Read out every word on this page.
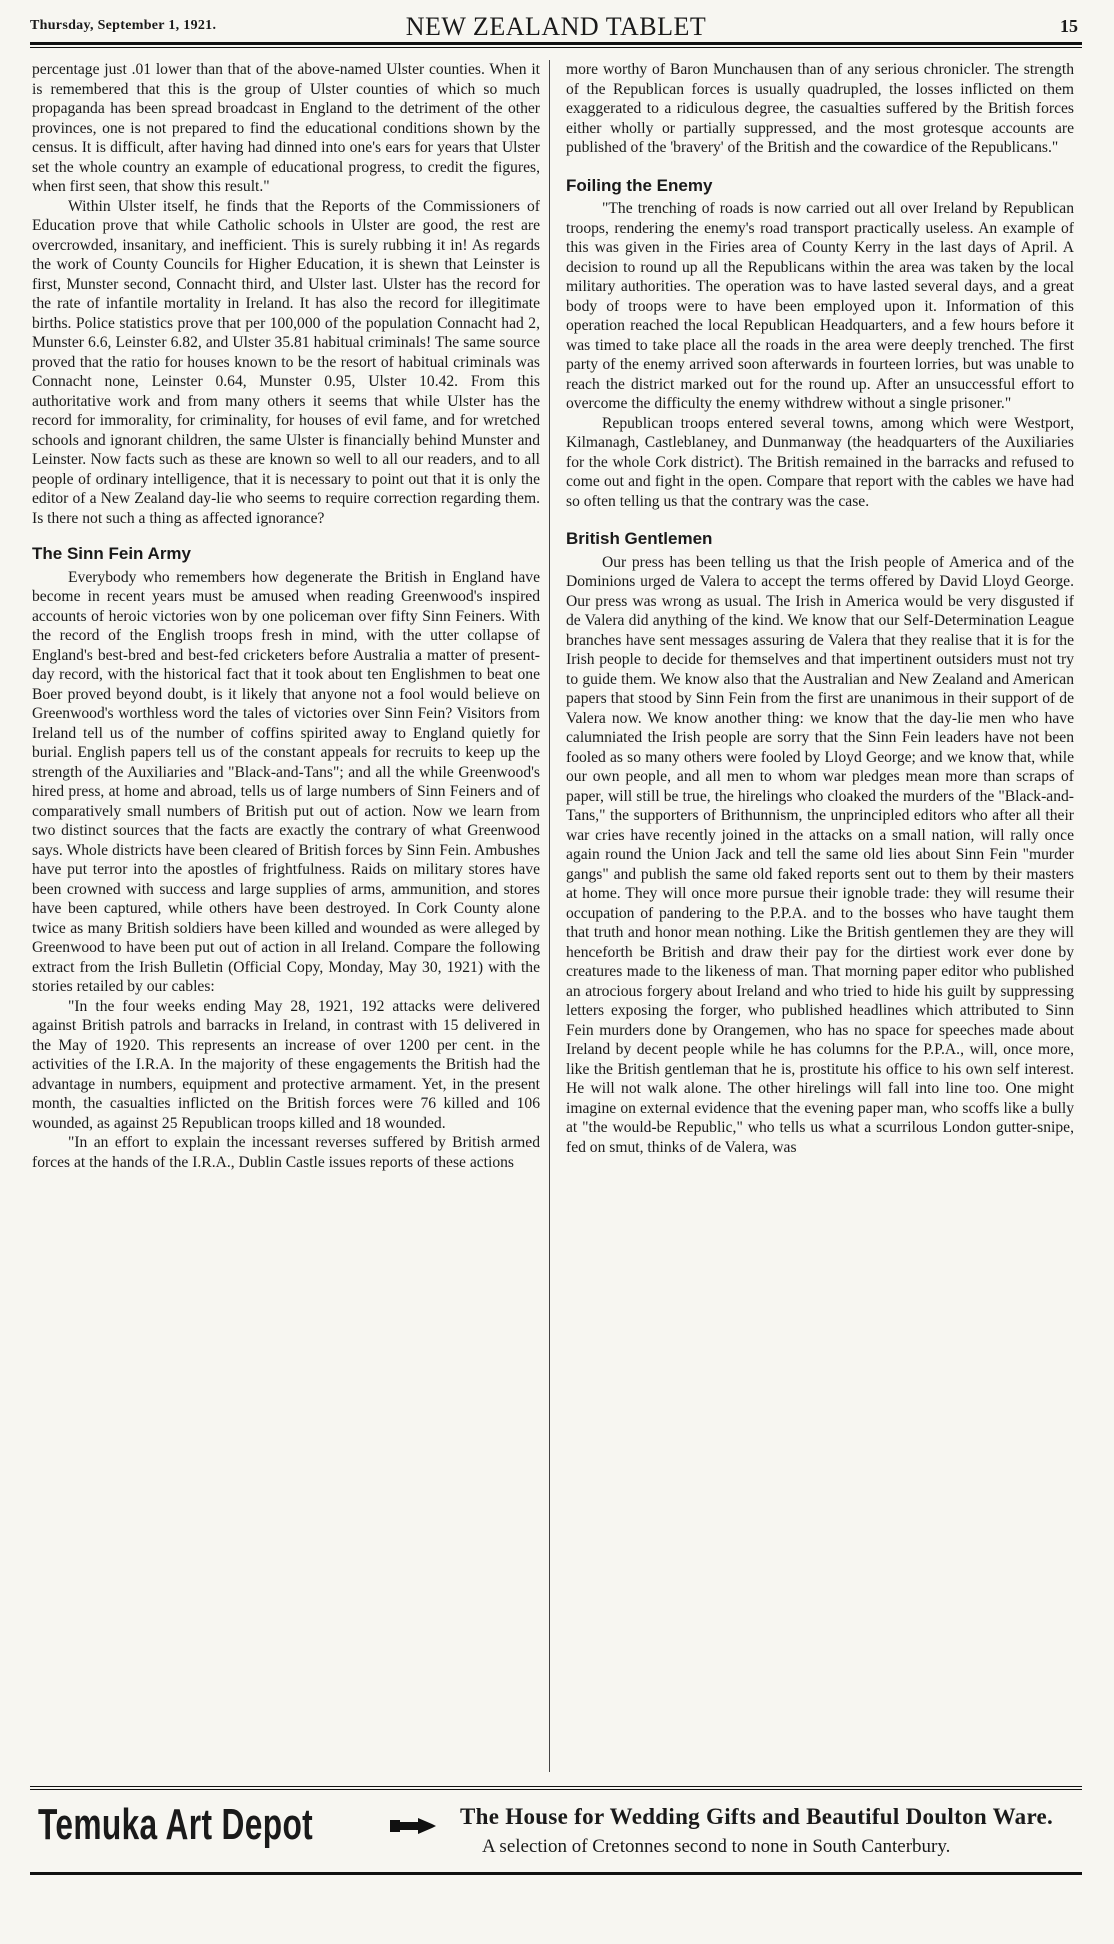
Thursday, September 1, 1921.	NEW ZEALAND TABLET	15

percentage just .01 lower than that of the above-named Ulster counties. When it is remembered that this is the group of Ulster counties of which so much propaganda has been spread broadcast in England to the detriment of the other provinces, one is not prepared to find the educational conditions shown by the census. It is difficult, after having had dinned into one's ears for years that Ulster set the whole country an example of educational progress, to credit the figures, when first seen, that show this result."

Within Ulster itself, he finds that the Reports of the Commissioners of Education prove that while Catholic schools in Ulster are good, the rest are overcrowded, insanitary, and inefficient. This is surely rubbing it in! As regards the work of County Councils for Higher Education, it is shewn that Leinster is first, Munster second, Connacht third, and Ulster last. Ulster has the record for the rate of infantile mortality in Ireland. It has also the record for illegitimate births. Police statistics prove that per 100,000 of the population Connacht had 2, Munster 6.6, Leinster 6.82, and Ulster 35.81 habitual criminals! The same source proved that the ratio for houses known to be the resort of habitual criminals was Connacht none, Leinster 0.64, Munster 0.95, Ulster 10.42. From this authoritative work and from many others it seems that while Ulster has the record for immorality, for criminality, for houses of evil fame, and for wretched schools and ignorant children, the same Ulster is financially behind Munster and Leinster. Now facts such as these are known so well to all our readers, and to all people of ordinary intelligence, that it is necessary to point out that it is only the editor of a New Zealand day-lie who seems to require correction regarding them. Is there not such a thing as affected ignorance?

The Sinn Fein Army

Everybody who remembers how degenerate the British in England have become in recent years must be amused when reading Greenwood's inspired accounts of heroic victories won by one policeman over fifty Sinn Feiners. With the record of the English troops fresh in mind, with the utter collapse of England's best-bred and best-fed cricketers before Australia a matter of present-day record, with the historical fact that it took about ten Englishmen to beat one Boer proved beyond doubt, is it likely that anyone not a fool would believe on Greenwood's worthless word the tales of victories over Sinn Fein? Visitors from Ireland tell us of the number of coffins spirited away to England quietly for burial. English papers tell us of the constant appeals for recruits to keep up the strength of the Auxiliaries and "Black-and-Tans"; and all the while Greenwood's hired press, at home and abroad, tells us of large numbers of Sinn Feiners and of comparatively small numbers of British put out of action. Now we learn from two distinct sources that the facts are exactly the contrary of what Greenwood says. Whole districts have been cleared of British forces by Sinn Fein. Ambushes have put terror into the apostles of frightfulness. Raids on military stores have been crowned with success and large supplies of arms, ammunition, and stores have been captured, while others have been destroyed. In Cork County alone twice as many British soldiers have been killed and wounded as were alleged by Greenwood to have been put out of action in all Ireland. Compare the following extract from the Irish Bulletin (Official Copy, Monday, May 30, 1921) with the stories retailed by our cables:

"In the four weeks ending May 28, 1921, 192 attacks were delivered against British patrols and barracks in Ireland, in contrast with 15 delivered in the May of 1920. This represents an increase of over 1200 per cent. in the activities of the I.R.A. In the majority of these engagements the British had the advantage in numbers, equipment and protective armament. Yet, in the present month, the casualties inflicted on the British forces were 76 killed and 106 wounded, as against 25 Republican troops killed and 18 wounded.

"In an effort to explain the incessant reverses suffered by British armed forces at the hands of the I.R.A., Dublin Castle issues reports of these actions

more worthy of Baron Munchausen than of any serious chronicler. The strength of the Republican forces is usually quadrupled, the losses inflicted on them exaggerated to a ridiculous degree, the casualties suffered by the British forces either wholly or partially suppressed, and the most grotesque accounts are published of the 'bravery' of the British and the cowardice of the Republicans."

Foiling the Enemy

"The trenching of roads is now carried out all over Ireland by Republican troops, rendering the enemy's road transport practically useless. An example of this was given in the Firies area of County Kerry in the last days of April. A decision to round up all the Republicans within the area was taken by the local military authorities. The operation was to have lasted several days, and a great body of troops were to have been employed upon it. Information of this operation reached the local Republican Headquarters, and a few hours before it was timed to take place all the roads in the area were deeply trenched. The first party of the enemy arrived soon afterwards in fourteen lorries, but was unable to reach the district marked out for the round up. After an unsuccessful effort to overcome the difficulty the enemy withdrew without a single prisoner."

Republican troops entered several towns, among which were Westport, Kilmanagh, Castleblaney, and Dunmanway (the headquarters of the Auxiliaries for the whole Cork district). The British remained in the barracks and refused to come out and fight in the open. Compare that report with the cables we have had so often telling us that the contrary was the case.

British Gentlemen

Our press has been telling us that the Irish people of America and of the Dominions urged de Valera to accept the terms offered by David Lloyd George. Our press was wrong as usual. The Irish in America would be very disgusted if de Valera did anything of the kind. We know that our Self-Determination League branches have sent messages assuring de Valera that they realise that it is for the Irish people to decide for themselves and that impertinent outsiders must not try to guide them. We know also that the Australian and New Zealand and American papers that stood by Sinn Fein from the first are unanimous in their support of de Valera now. We know another thing: we know that the day-lie men who have calumniated the Irish people are sorry that the Sinn Fein leaders have not been fooled as so many others were fooled by Lloyd George; and we know that, while our own people, and all men to whom war pledges mean more than scraps of paper, will still be true, the hirelings who cloaked the murders of the "Black-and-Tans," the supporters of Brithunnism, the unprincipled editors who after all their war cries have recently joined in the attacks on a small nation, will rally once again round the Union Jack and tell the same old lies about Sinn Fein "murder gangs" and publish the same old faked reports sent out to them by their masters at home. They will once more pursue their ignoble trade: they will resume their occupation of pandering to the P.P.A. and to the bosses who have taught them that truth and honor mean nothing. Like the British gentlemen they are they will henceforth be British and draw their pay for the dirtiest work ever done by creatures made to the likeness of man. That morning paper editor who published an atrocious forgery about Ireland and who tried to hide his guilt by suppressing letters exposing the forger, who published headlines which attributed to Sinn Fein murders done by Orangemen, who has no space for speeches made about Ireland by decent people while he has columns for the P.P.A., will, once more, like the British gentleman that he is, prostitute his office to his own self interest. He will not walk alone. The other hirelings will fall into line too. One might imagine on external evidence that the evening paper man, who scoffs like a bully at "the would-be Republic," who tells us what a scurrilous London gutter-snipe, fed on smut, thinks of de Valera, was

Temuka Art Depot	The House for Wedding Gifts and Beautiful Doulton Ware.
A selection of Cretonnes second to none in South Canterbury.
